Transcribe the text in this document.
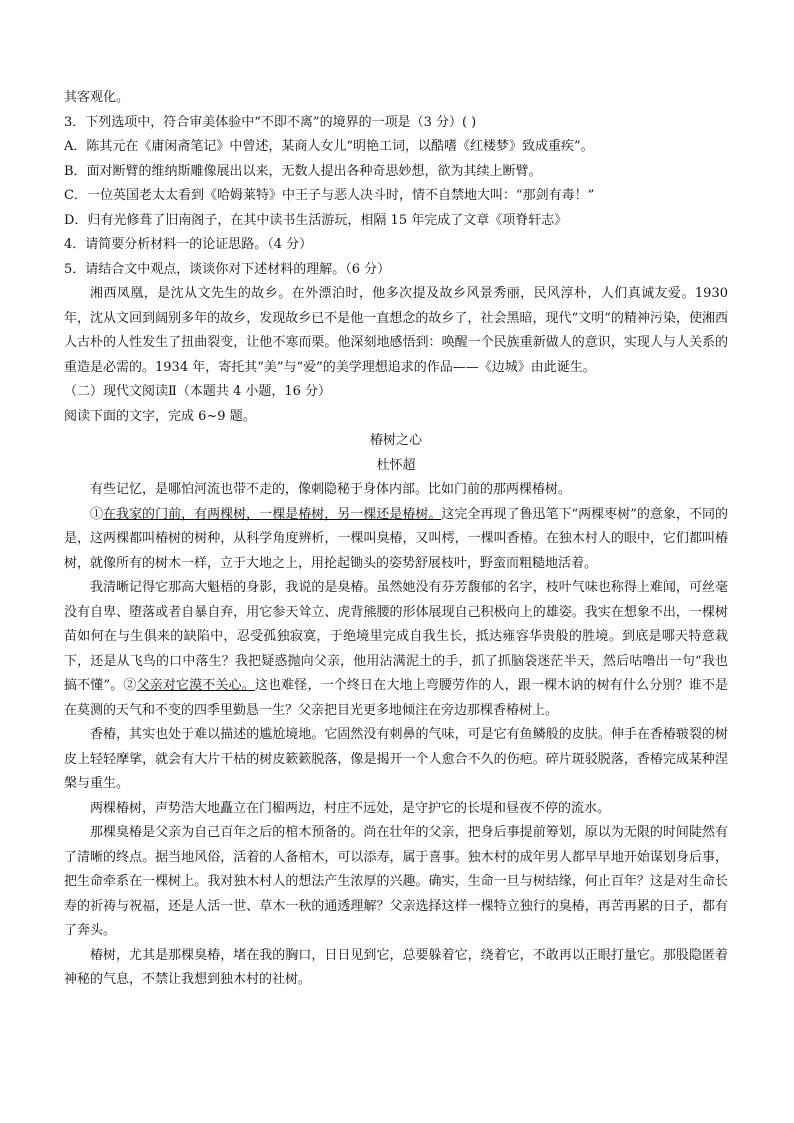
其客观化。

3．下列选项中，符合审美体验中“不即不离”的境界的一项是（3 分）( )

A．陈其元在《庸闲斋笔记》中曾述，某商人女儿“明艳工词，以酷嗜《红楼梦》致成重疾”。

B．面对断臂的维纳斯雕像展出以来，无数人提出各种奇思妙想，欲为其续上断臂。

C．一位英国老太太看到《哈姆莱特》中王子与恶人决斗时，情不自禁地大叫：“那剑有毒！”

D．归有光修葺了旧南阁子，在其中读书生活游玩，相隔 15 年完成了文章《项脊轩志》

4．请简要分析材料一的论证思路。（4 分）

5．请结合文中观点，谈谈你对下述材料的理解。（6 分）

湘西凤凰，是沈从文先生的故乡。在外漂泊时，他多次提及故乡风景秀丽，民风淳朴，人们真诚友爱。1930 年，沈从文回到阔别多年的故乡，发现故乡已不是他一直想念的故乡了，社会黑暗，现代“文明”的精神污染，使湘西人古朴的人性发生了扭曲裂变，让他不寒而栗。他深刻地感悟到：唤醒一个民族重新做人的意识，实现人与人关系的重造是必需的。1934 年，寄托其“美”与“爱”的美学理想追求的作品——《边城》由此诞生。

（二）现代文阅读Ⅱ（本题共 4 小题，16 分）

阅读下面的文字，完成 6~9 题。

椿树之心

杜怀超

有些记忆，是哪怕河流也带不走的，像刺隐秘于身体内部。比如门前的那两棵椿树。

①在我家的门前，有两棵树，一棵是椿树，另一棵还是椿树。这完全再现了鲁迅笔下“两棵枣树”的意象，不同的是，这两棵都叫椿树的树种，从科学角度辨析，一棵叫臭椿，又叫樗，一棵叫香椿。在独木村人的眼中，它们都叫椿树，就像所有的树木一样，立于大地之上，用抡起锄头的姿势舒展枝叶，野蛮而粗糙地活着。

我清晰记得它那高大魁梧的身影，我说的是臭椿。虽然她没有芬芳馥郁的名字，枝叶气味也称得上难闻，可丝毫没有自卑、堕落或者自暴自弃，用它参天耸立、虎背熊腰的形体展现自己积极向上的雄姿。我实在想象不出，一棵树苗如何在与生俱来的缺陷中，忍受孤独寂寞，于绝境里完成自我生长，抵达雍容华贵般的胜境。到底是哪天特意栽下，还是从飞鸟的口中落生？我把疑惑抛向父亲，他用沾满泥土的手，抓了抓脑袋迷茫半天，然后咕噜出一句“我也搞不懂”。②父亲对它漠不关心。这也难怪，一个终日在大地上弯腰劳作的人，跟一棵木讷的树有什么分别？谁不是在莫测的天气和不变的四季里勤恳一生？父亲把目光更多地倾注在旁边那棵香椿树上。

香椿，其实也处于难以描述的尴尬境地。它固然没有刺鼻的气味，可是它有鱼鳞般的皮肤。伸手在香椿皲裂的树皮上轻轻摩挲，就会有大片干枯的树皮簌簌脱落，像是揭开一个人愈合不久的伤疤。碎片斑驳脱落，香椿完成某种涅槃与重生。

两棵椿树，声势浩大地矗立在门楣两边，村庄不远处，是守护它的长堤和昼夜不停的流水。

那棵臭椿是父亲为自己百年之后的棺木预备的。尚在壮年的父亲，把身后事提前筹划，原以为无限的时间陡然有了清晰的终点。据当地风俗，活着的人备棺木，可以添寿，属于喜事。独木村的成年男人都早早地开始谋划身后事，把生命牵系在一棵树上。我对独木村人的想法产生浓厚的兴趣。确实，生命一旦与树结缘，何止百年？这是对生命长寿的祈祷与祝福，还是人活一世、草木一秋的通透理解？父亲选择这样一棵特立独行的臭椿，再苦再累的日子，都有了奔头。

椿树，尤其是那棵臭椿，堵在我的胸口，日日见到它，总要躲着它，绕着它，不敢再以正眼打量它。那股隐匿着神秘的气息，不禁让我想到独木村的社树。
